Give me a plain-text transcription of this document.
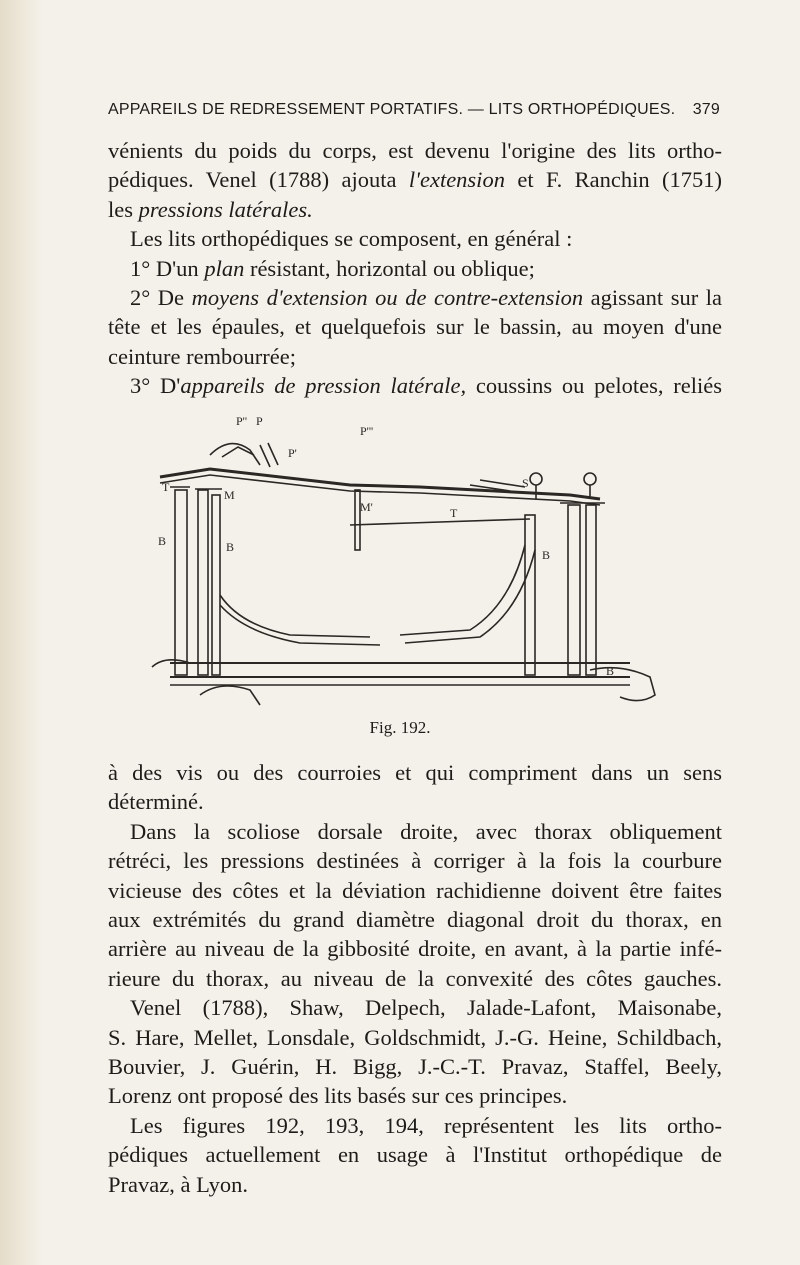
APPAREILS DE REDRESSEMENT PORTATIFS. — LITS ORTHOPÉDIQUES. 379

vénients du poids du corps, est devenu l'origine des lits ortho-

pédiques. Venel (1788) ajouta l'extension et F. Ranchin (1751)

les pressions latérales.

Les lits orthopédiques se composent, en général :

1° D'un plan résistant, horizontal ou oblique;

2° De moyens d'extension ou de contre-extension agissant sur la

tête et les épaules, et quelquefois sur le bassin, au moyen d'une

ceinture rembourrée;

3° D'appareils de pression latérale, coussins ou pelotes, reliés

P'' P
P'
P'''
T
M
M'	T
S
B	B
B
B
Fig. 192.

à des vis ou des courroies et qui compriment dans un sens

déterminé.

Dans la scoliose dorsale droite, avec thorax obliquement

rétréci, les pressions destinées à corriger à la fois la courbure

vicieuse des côtes et la déviation rachidienne doivent être faites

aux extrémités du grand diamètre diagonal droit du thorax, en

arrière au niveau de la gibbosité droite, en avant, à la partie infé-

rieure du thorax, au niveau de la convexité des côtes gauches.

Venel (1788), Shaw, Delpech, Jalade-Lafont, Maisonabe,

S. Hare, Mellet, Lonsdale, Goldschmidt, J.-G. Heine, Schildbach,

Bouvier, J. Guérin, H. Bigg, J.-C.-T. Pravaz, Staffel, Beely,

Lorenz ont proposé des lits basés sur ces principes.

Les figures 192, 193, 194, représentent les lits ortho-

pédiques actuellement en usage à l'Institut orthopédique de

Pravaz, à Lyon.
